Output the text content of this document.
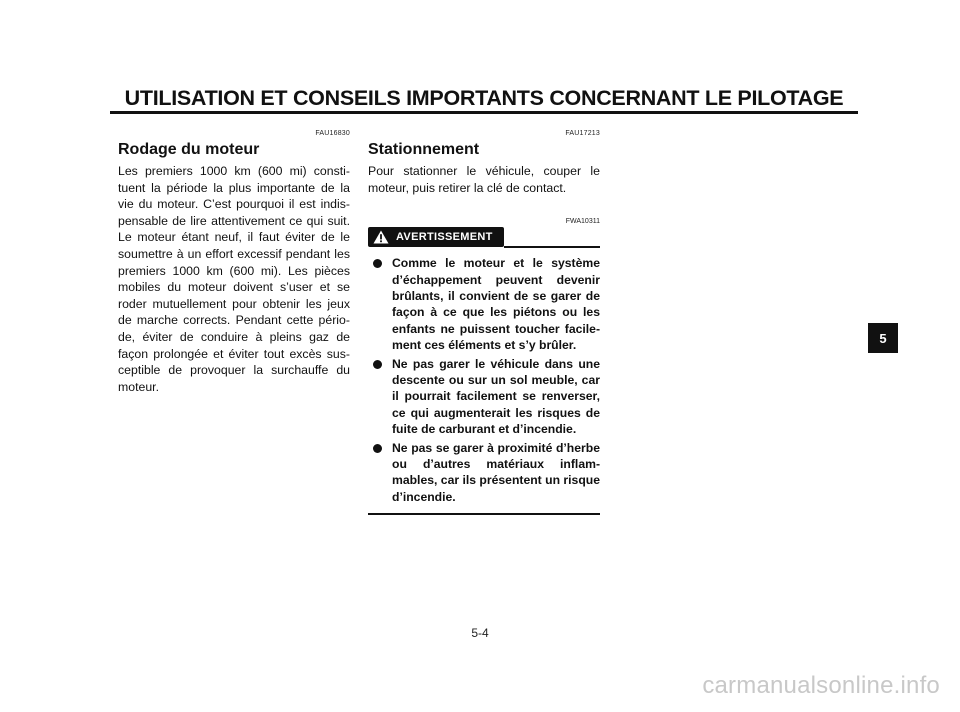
UTILISATION ET CONSEILS IMPORTANTS CONCERNANT LE PILOTAGE
FAU16830
Rodage du moteur

Les premiers 1000 km (600 mi) constituent la période la plus importante de la vie du moteur. C’est pourquoi il est indispensable de lire attentivement ce qui suit. Le moteur étant neuf, il faut éviter de le soumettre à un effort excessif pendant les premiers 1000 km (600 mi). Les pièces mobiles du moteur doivent s’user et se roder mutuellement pour obtenir les jeux de marche corrects. Pendant cette période, éviter de conduire à pleins gaz de façon prolongée et éviter tout excès susceptible de provoquer la surchauffe du moteur.

FAU17213
Stationnement

Pour stationner le véhicule, couper le moteur, puis retirer la clé de contact.

FWA10311
AVERTISSEMENT
Comme le moteur et le système d’échappement peuvent devenir brûlants, il convient de se garer de façon à ce que les piétons ou les enfants ne puissent toucher facilement ces éléments et s’y brûler.
Ne pas garer le véhicule dans une descente ou sur un sol meuble, car il pourrait facilement se renverser, ce qui augmenterait les risques de fuite de carburant et d’incendie.
Ne pas se garer à proximité d’herbe ou d’autres matériaux inflammables, car ils présentent un risque d’incendie.
5
5-4
carmanualsonline.info
